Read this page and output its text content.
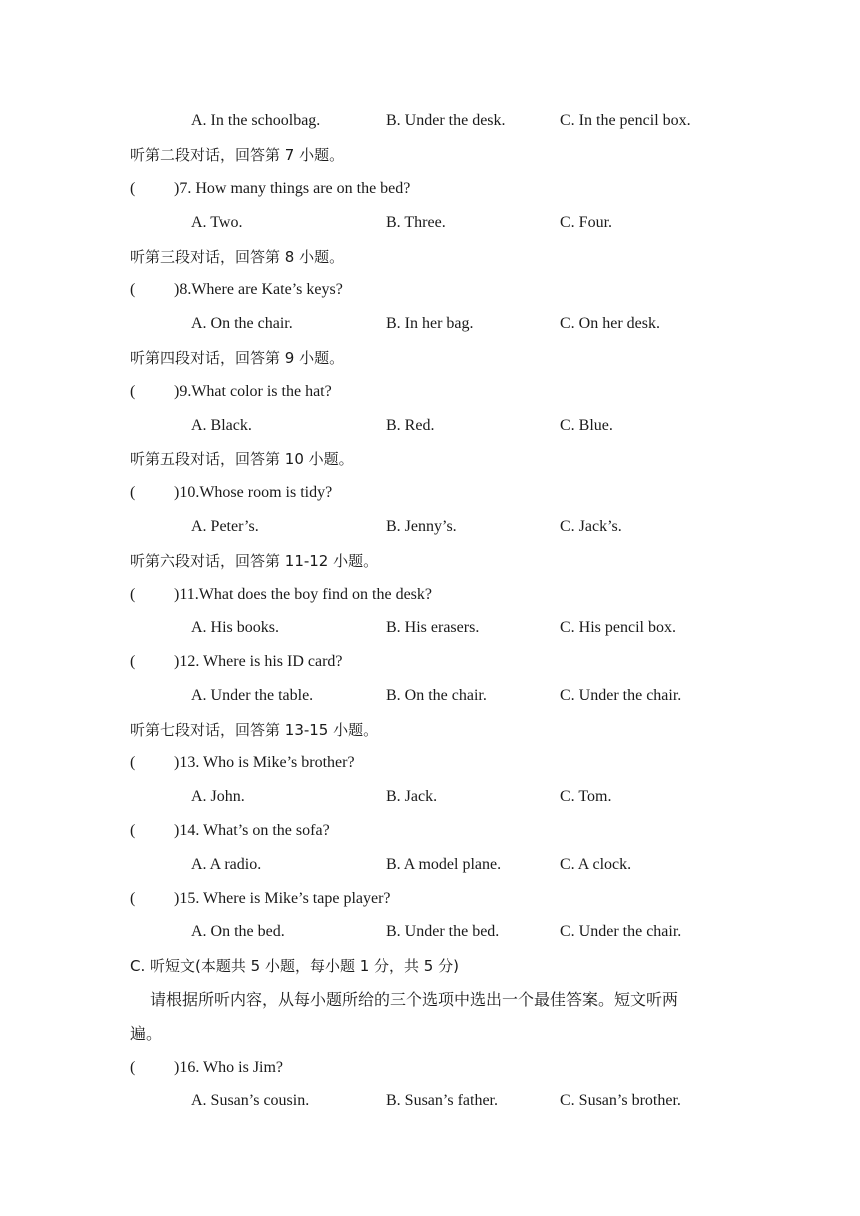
A. In the schoolbag.	B. Under the desk.	C. In the pencil box.
听第二段对话，回答第 7 小题。
( )7. How many things are on the bed?
A. Two.	B. Three.	C. Four.
听第三段对话，回答第 8 小题。
( )8.Where are Kate’s keys?
A. On the chair.	B. In her bag.	C. On her desk.
听第四段对话，回答第 9 小题。
( )9.What color is the hat?
A. Black.	B. Red.	C. Blue.
听第五段对话，回答第 10 小题。
( )10.Whose room is tidy?
A. Peter’s.	B. Jenny’s.	C. Jack’s.
听第六段对话，回答第 11-12 小题。
( )11.What does the boy find on the desk?
A. His books.	B. His erasers.	C. His pencil box.
( )12. Where is his ID card?
A. Under the table.	B. On the chair.	C. Under the chair.
听第七段对话，回答第 13-15 小题。
( )13. Who is Mike’s brother?
A. John.	B. Jack.	C. Tom.
( )14. What’s on the sofa?
A. A radio.	B. A model plane.	C. A clock.
( )15. Where is Mike’s tape player?
A. On the bed.	B. Under the bed.	C. Under the chair.
C. 听短文(本题共 5 小题，每小题 1 分，共 5 分)
请根据所听内容，从每小题所给的三个选项中选出一个最佳答案。短文听两
遍。
( )16. Who is Jim?
A. Susan’s cousin.	B. Susan’s father.	C. Susan’s brother.
